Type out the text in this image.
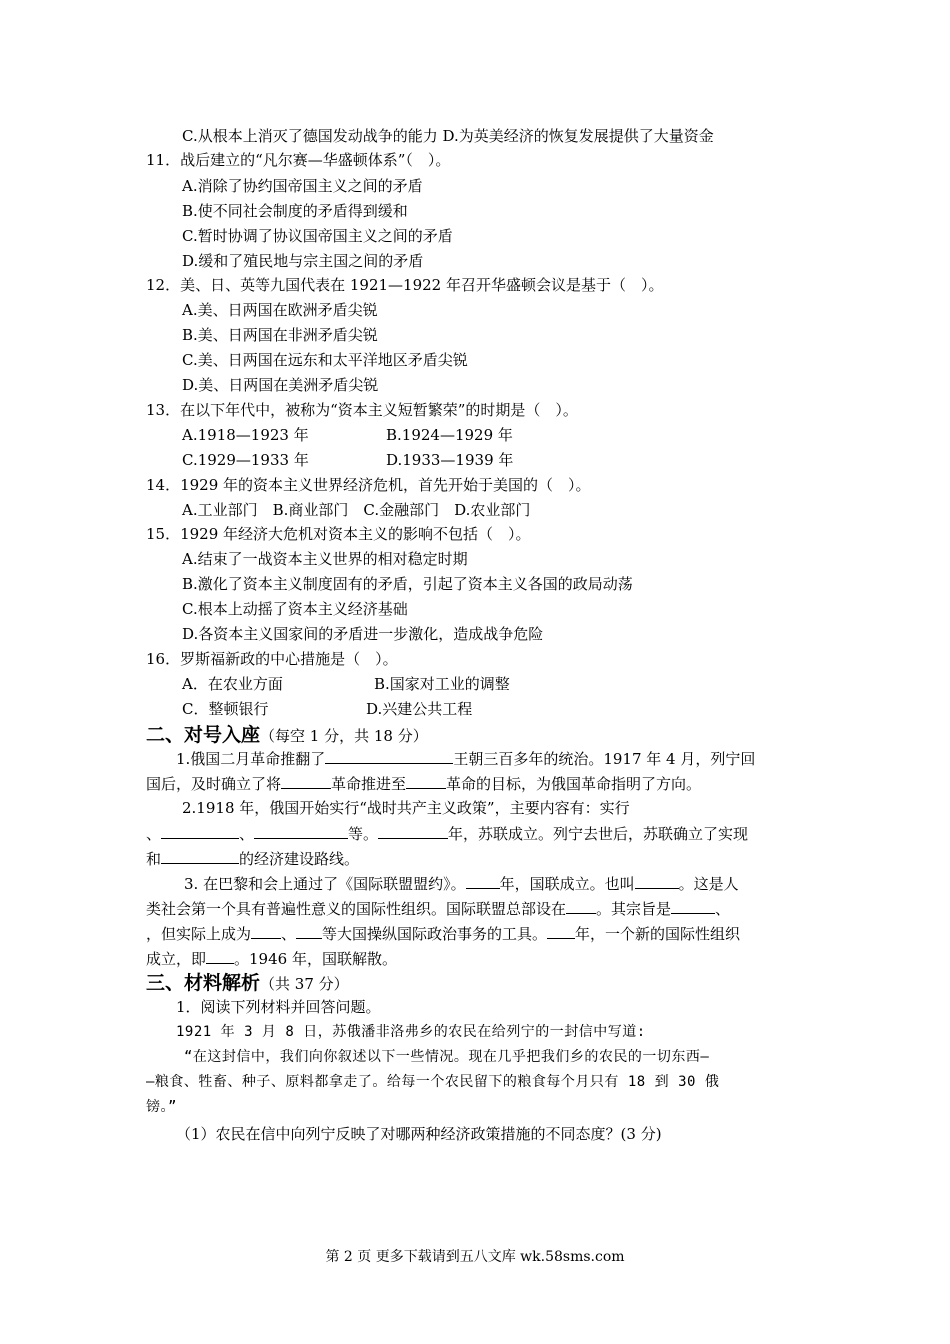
C.从根本上消灭了德国发动战争的能力 D.为英美经济的恢复发展提供了大量资金
11．战后建立的“凡尔赛—华盛顿体系”（　）。
A.消除了协约国帝国主义之间的矛盾
B.使不同社会制度的矛盾得到缓和
C.暂时协调了协议国帝国主义之间的矛盾
D.缓和了殖民地与宗主国之间的矛盾
12．美、日、英等九国代表在 1921—1922 年召开华盛顿会议是基于（　）。
A.美、日两国在欧洲矛盾尖锐
B.美、日两国在非洲矛盾尖锐
C.美、日两国在远东和太平洋地区矛盾尖锐
D.美、日两国在美洲矛盾尖锐
13．在以下年代中，被称为“资本主义短暂繁荣”的时期是（　）。
A.1918—1923 年	B.1924—1929 年
C.1929—1933 年	D.1933—1939 年
14．1929 年的资本主义世界经济危机，首先开始于美国的（　）。
A.工业部门　B.商业部门　C.金融部门　D.农业部门
15．1929 年经济大危机对资本主义的影响不包括（　）。
A.结束了一战资本主义世界的相对稳定时期
B.激化了资本主义制度固有的矛盾，引起了资本主义各国的政局动荡
C.根本上动摇了资本主义经济基础
D.各资本主义国家间的矛盾进一步激化，造成战争危险
16．罗斯福新政的中心措施是（　）。
A．在农业方面	B.国家对工业的调整
C．整顿银行	D.兴建公共工程
二、对号入座（每空 1 分，共 18 分）
1.俄国二月革命推翻了	王朝三百多年的统治。1917 年 4 月，列宁回
国后，及时确立了将	革命推进至	革命的目标，为俄国革命指明了方向。
2.1918 年，俄国开始实行“战时共产主义政策”，主要内容有：实行
、	、	等。	年，苏联成立。列宁去世后，苏联确立了实现
和	的经济建设路线。
3. 在巴黎和会上通过了《国际联盟盟约》。 年，国联成立。也叫	。这是人
类社会第一个具有普遍性意义的国际性组织。国际联盟总部设在 。其宗旨是	、
，但实际上成为 、 等大国操纵国际政治事务的工具。 年，一个新的国际性组织
成立，即 。1946 年，国联解散。
三、材料解析（共 37 分）
1．阅读下列材料并回答问题。
1921 年 3 月 8 日，苏俄潘非洛弗乡的农民在给列宁的一封信中写道:
“在这封信中，我们向你叙述以下一些情况。现在几乎把我们乡的农民的一切东西—
—粮食、牲畜、种子、原料都拿走了。给每一个农民留下的粮食每个月只有 18 到 30 俄
镑。”
（1）农民在信中向列宁反映了对哪两种经济政策措施的不同态度？(3 分)
第 2 页 更多下载请到五八文库 wk.58sms.com
